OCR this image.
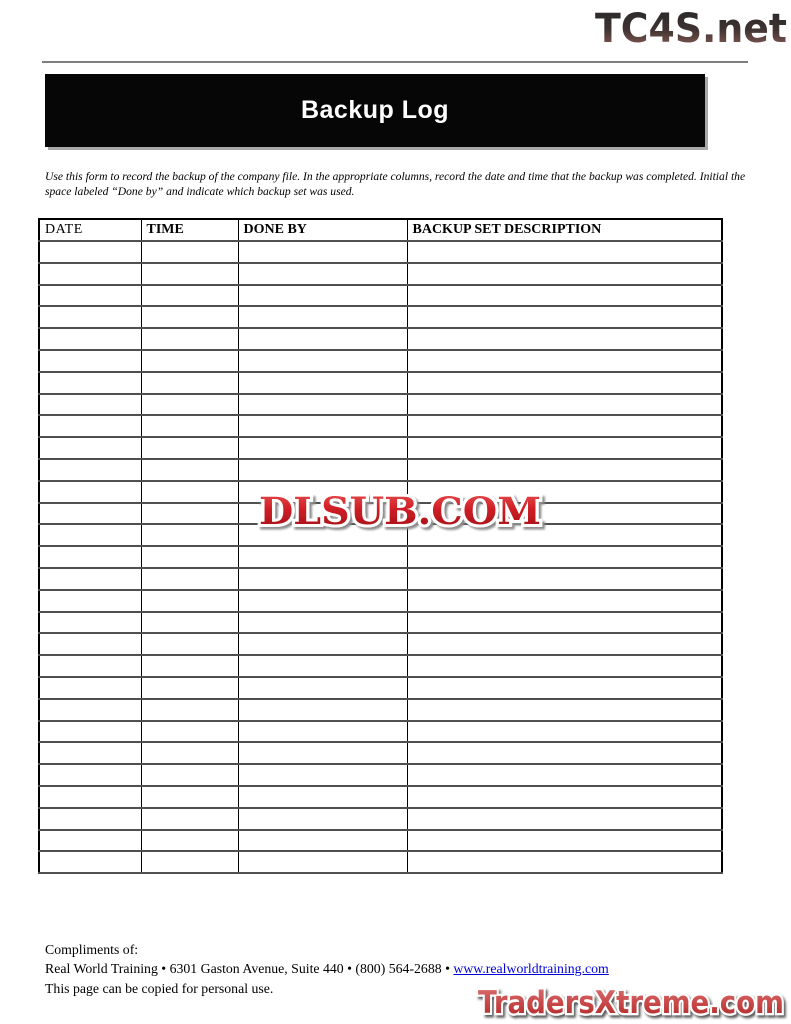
TC4S.net
Backup Log

Use this form to record the backup of the company file. In the appropriate columns, record the date and time that the backup was completed. Initial the space labeled “Done by” and indicate which backup set was used.

DATE	TIME	DONE BY	BACKUP SET DESCRIPTION

DLSUB.COM
Compliments of:
Real World Training • 6301 Gaston Avenue, Suite 440 • (800) 564-2688 • www.realworldtraining.com
This page can be copied for personal use.	TradersXtreme.com
